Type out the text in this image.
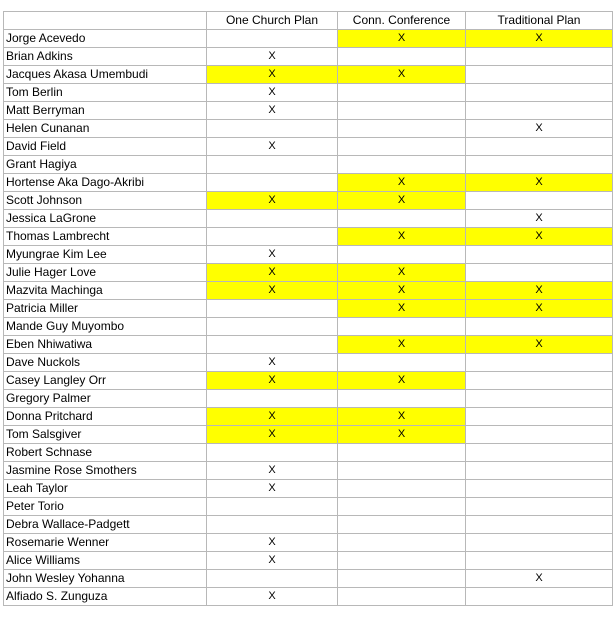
	One Church Plan	Conn. Conference	Traditional Plan
Jorge Acevedo		X	X
Brian Adkins	X		
Jacques Akasa Umembudi	X	X	
Tom Berlin	X		
Matt Berryman	X		
Helen Cunanan			X
David Field	X		
Grant Hagiya			
Hortense Aka Dago-Akribi		X	X
Scott Johnson	X	X	
Jessica LaGrone			X
Thomas Lambrecht		X	X
Myungrae Kim Lee	X		
Julie Hager Love	X	X	
Mazvita Machinga	X	X	X
Patricia Miller		X	X
Mande Guy Muyombo			
Eben Nhiwatiwa		X	X
Dave Nuckols	X		
Casey Langley Orr	X	X	
Gregory Palmer			
Donna Pritchard	X	X	
Tom Salsgiver	X	X	
Robert Schnase			
Jasmine Rose Smothers	X		
Leah Taylor	X		
Peter Torio			
Debra Wallace-Padgett			
Rosemarie Wenner	X		
Alice Williams	X		
John Wesley Yohanna			X
Alfiado S. Zunguza	X		
